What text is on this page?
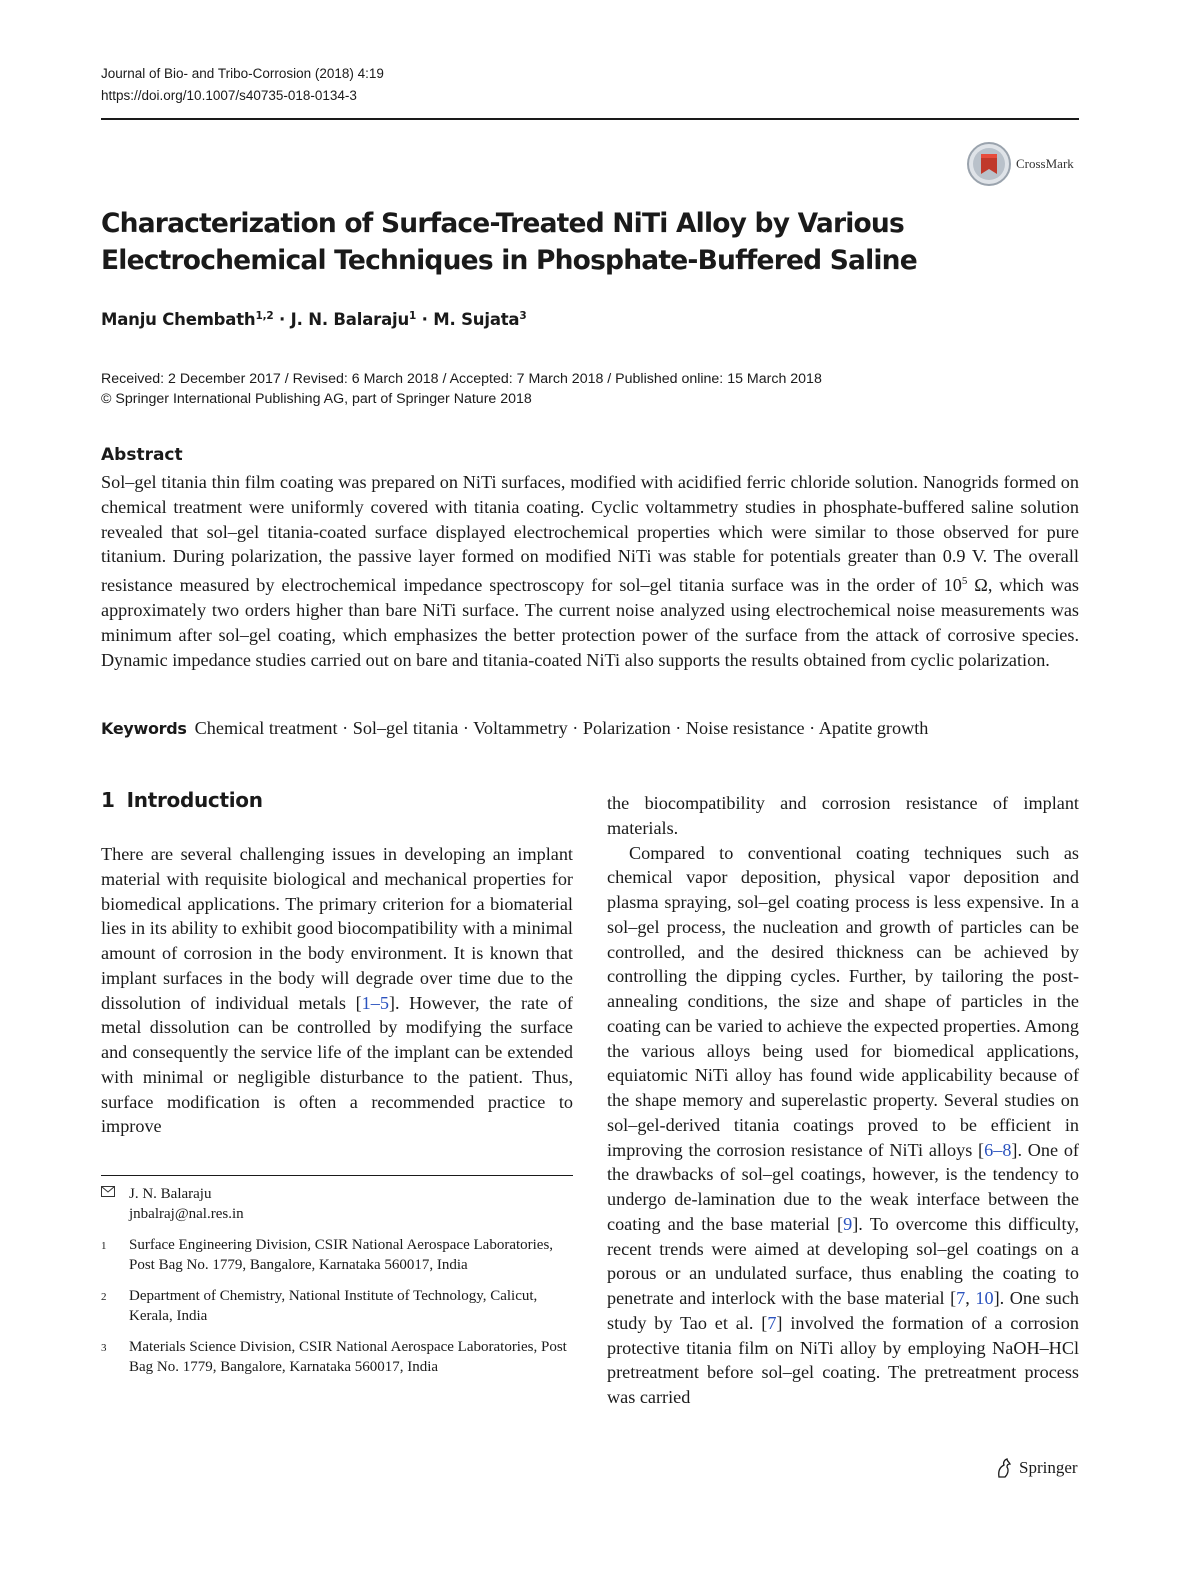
Journal of Bio- and Tribo-Corrosion (2018) 4:19
https://doi.org/10.1007/s40735-018-0134-3
CrossMark
Characterization of Surface-Treated NiTi Alloy by Various
Electrochemical Techniques in Phosphate-Buffered Saline
Manju Chembath$^{1,2}$ · J. N. Balaraju$^1$ · M. Sujata$^3$
Received: 2 December 2017 / Revised: 6 March 2018 / Accepted: 7 March 2018 / Published online: 15 March 2018
© Springer International Publishing AG, part of Springer Nature 2018
Abstract

Sol–gel titania thin film coating was prepared on NiTi surfaces, modified with acidified ferric chloride solution. Nanogrids formed on chemical treatment were uniformly covered with titania coating. Cyclic voltammetry studies in phosphate-buffered saline solution revealed that sol–gel titania-coated surface displayed electrochemical properties which were similar to those observed for pure titanium. During polarization, the passive layer formed on modified NiTi was stable for potentials greater than 0.9 V. The overall resistance measured by electrochemical impedance spectroscopy for sol–gel titania surface was in the order of $10^5$ Ω, which was approximately two orders higher than bare NiTi surface. The current noise analyzed using electrochemical noise measurements was minimum after sol–gel coating, which emphasizes the better protection power of the surface from the attack of corrosive species. Dynamic impedance studies carried out on bare and titania-coated NiTi also supports the results obtained from cyclic polarization.

Keywords Chemical treatment · Sol–gel titania · Voltammetry · Polarization · Noise resistance · Apatite growth
1 Introduction

There are several challenging issues in developing an implant material with requisite biological and mechanical properties for biomedical applications. The primary criterion for a biomaterial lies in its ability to exhibit good biocompatibility with a minimal amount of corrosion in the body environment. It is known that implant surfaces in the body will degrade over time due to the dissolution of individual metals [1–5]. However, the rate of metal dissolution can be controlled by modifying the surface and consequently the service life of the implant can be extended with minimal or negligible disturbance to the patient. Thus, surface modification is often a recommended practice to improve

the biocompatibility and corrosion resistance of implant materials.

Compared to conventional coating techniques such as chemical vapor deposition, physical vapor deposition and plasma spraying, sol–gel coating process is less expensive. In a sol–gel process, the nucleation and growth of particles can be controlled, and the desired thickness can be achieved by controlling the dipping cycles. Further, by tailoring the post-annealing conditions, the size and shape of particles in the coating can be varied to achieve the expected properties. Among the various alloys being used for biomedical applications, equiatomic NiTi alloy has found wide applicability because of the shape memory and superelastic property. Several studies on sol–gel-derived titania coatings proved to be efficient in improving the corrosion resistance of NiTi alloys [6–8]. One of the drawbacks of sol–gel coatings, however, is the tendency to undergo de-lamination due to the weak interface between the coating and the base material [9]. To overcome this difficulty, recent trends were aimed at developing sol–gel coatings on a porous or an undulated surface, thus enabling the coating to penetrate and interlock with the base material [7, 10]. One such study by Tao et al. [7] involved the formation of a corrosion protective titania film on NiTi alloy by employing NaOH–HCl pretreatment before sol–gel coating. The pretreatment process was carried

J. N. Balaraju
jnbalraj@nal.res.in
1	Surface Engineering Division, CSIR National Aerospace Laboratories, Post Bag No. 1779, Bangalore, Karnataka 560017, India
2	Department of Chemistry, National Institute of Technology, Calicut, Kerala, India
3	Materials Science Division, CSIR National Aerospace Laboratories, Post Bag No. 1779, Bangalore, Karnataka 560017, India
Springer
